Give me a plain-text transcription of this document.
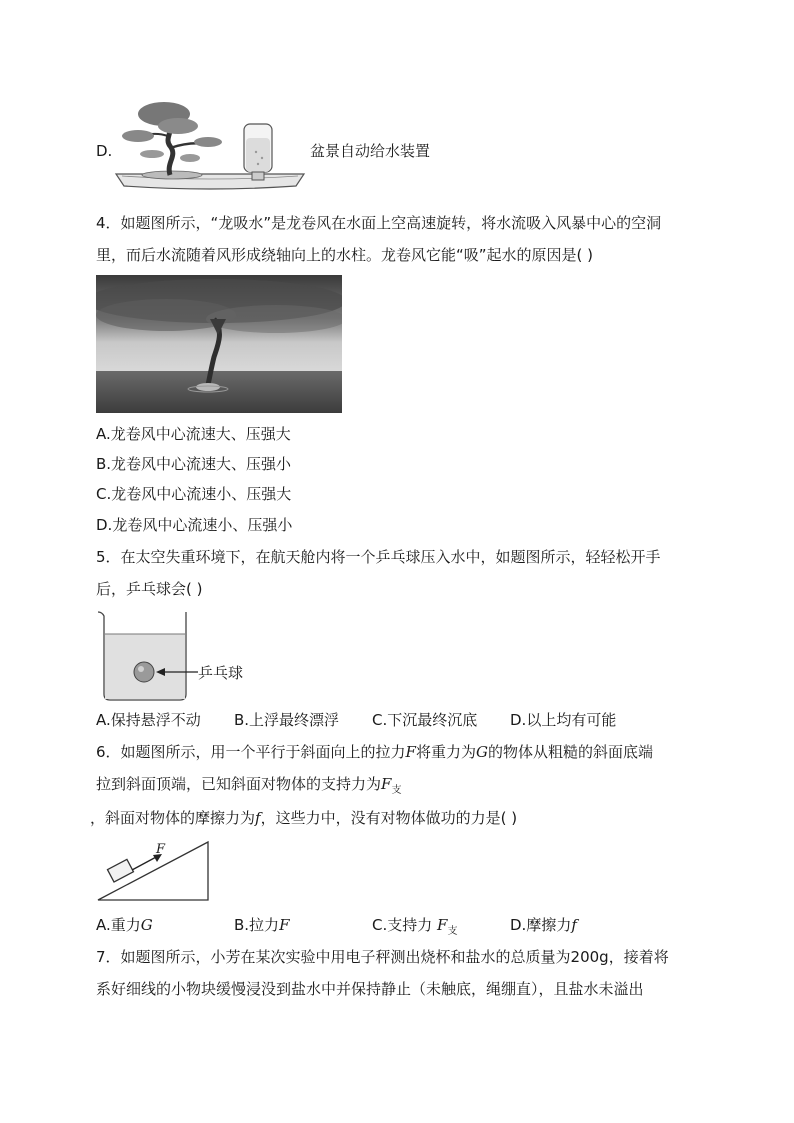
D.	盆景自动给水装置
4．如题图所示，“龙吸水”是龙卷风在水面上空高速旋转，将水流吸入风暴中心的空洞
里，而后水流随着风形成绕轴向上的水柱。龙卷风它能“吸”起水的原因是( )
A.龙卷风中心流速大、压强大
B.龙卷风中心流速大、压强小
C.龙卷风中心流速小、压强大
D.龙卷风中心流速小、压强小
5．在太空失重环境下，在航天舱内将一个乒乓球压入水中，如题图所示，轻轻松开手
后，乒乓球会( )
乒乓球
A.保持悬浮不动 B.上浮最终漂浮 C.下沉最终沉底 D.以上均有可能
6．如题图所示，用一个平行于斜面向上的拉力F将重力为G的物体从粗糙的斜面底端
拉到斜面顶端，已知斜面对物体的支持力为$F_支$
，斜面对物体的摩擦力为f，这些力中，没有对物体做功的力是( )
F
A.重力G	B.拉力F	C.支持力 $F_支$	D.摩擦力f
7．如题图所示，小芳在某次实验中用电子秤测出烧杯和盐水的总质量为200g，接着将
系好细线的小物块缓慢浸没到盐水中并保持静止（未触底，绳绷直），且盐水未溢出
